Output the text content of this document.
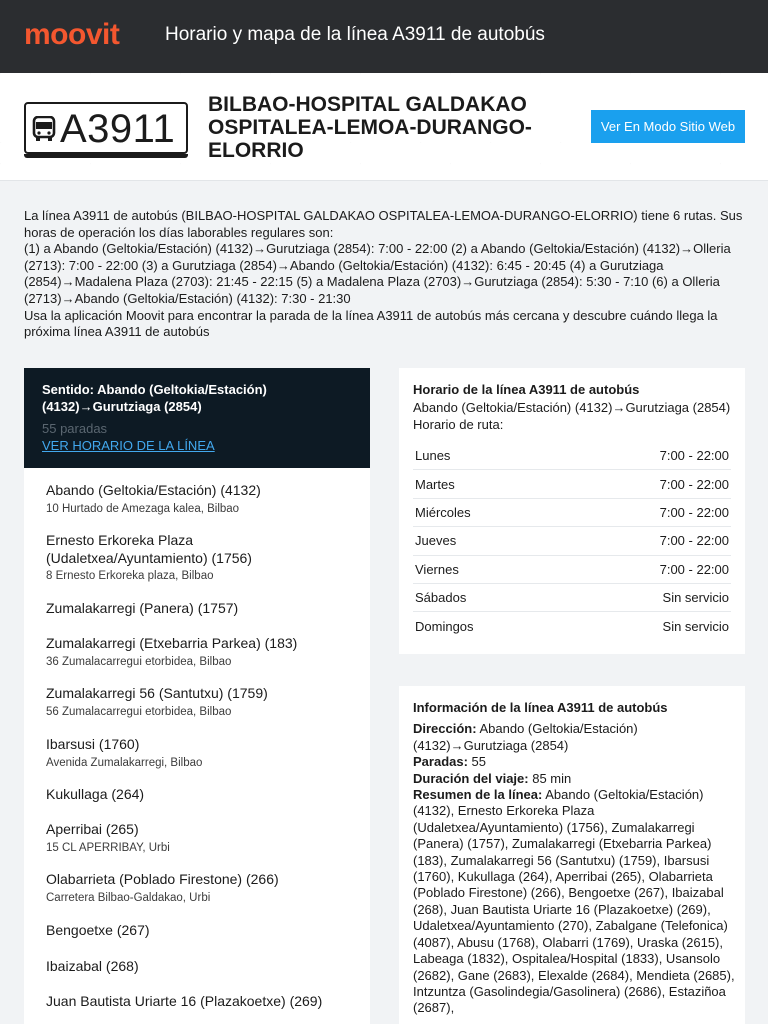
moovit Horario y mapa de la línea A3911 de autobús
A3911
BILBAO-HOSPITAL GALDAKAO OSPITALEA-LEMOA-DURANGO-ELORRIO
Ver En Modo Sitio Web
La línea A3911 de autobús (BILBAO-HOSPITAL GALDAKAO OSPITALEA-LEMOA-DURANGO-ELORRIO) tiene 6 rutas. Sus horas de operación los días laborables regulares son:
(1) a Abando (Geltokia/Estación) (4132)→Gurutziaga (2854): 7:00 - 22:00 (2) a Abando (Geltokia/Estación) (4132)→Olleria (2713): 7:00 - 22:00 (3) a Gurutziaga (2854)→Abando (Geltokia/Estación) (4132): 6:45 - 20:45 (4) a Gurutziaga (2854)→Madalena Plaza (2703): 21:45 - 22:15 (5) a Madalena Plaza (2703)→Gurutziaga (2854): 5:30 - 7:10 (6) a Olleria (2713)→Abando (Geltokia/Estación) (4132): 7:30 - 21:30
Usa la aplicación Moovit para encontrar la parada de la línea A3911 de autobús más cercana y descubre cuándo llega la próxima línea A3911 de autobús
Sentido: Abando (Geltokia/Estación) (4132)→Gurutziaga (2854)
55 paradas
VER HORARIO DE LA LÍNEA
Abando (Geltokia/Estación) (4132)
10 Hurtado de Amezaga kalea, Bilbao
Ernesto Erkoreka Plaza (Udaletxea/Ayuntamiento) (1756)
8 Ernesto Erkoreka plaza, Bilbao
Zumalakarregi (Panera) (1757)
Zumalakarregi (Etxebarria Parkea) (183)
36 Zumalacarregui etorbidea, Bilbao
Zumalakarregi 56 (Santutxu) (1759)
56 Zumalacarregui etorbidea, Bilbao
Ibarsusi (1760)
Avenida Zumalakarregi, Bilbao
Kukullaga (264)
Aperribai (265)
15 CL APERRIBAY, Urbi
Olabarrieta (Poblado Firestone) (266)
Carretera Bilbao-Galdakao, Urbi
Bengoetxe (267)
Ibaizabal (268)
Juan Bautista Uriarte 16 (Plazakoetxe) (269)
Horario de la línea A3911 de autobús
Abando (Geltokia/Estación) (4132)→Gurutziaga (2854) Horario de ruta:
Lunes	7:00 - 22:00
Martes	7:00 - 22:00
Miércoles	7:00 - 22:00
Jueves	7:00 - 22:00
Viernes	7:00 - 22:00
Sábados	Sin servicio
Domingos	Sin servicio
Información de la línea A3911 de autobús
Dirección: Abando (Geltokia/Estación) (4132)→Gurutziaga (2854)
Paradas: 55
Duración del viaje: 85 min
Resumen de la línea: Abando (Geltokia/Estación) (4132), Ernesto Erkoreka Plaza (Udaletxea/Ayuntamiento) (1756), Zumalakarregi (Panera) (1757), Zumalakarregi (Etxebarria Parkea) (183), Zumalakarregi 56 (Santutxu) (1759), Ibarsusi (1760), Kukullaga (264), Aperribai (265), Olabarrieta (Poblado Firestone) (266), Bengoetxe (267), Ibaizabal (268), Juan Bautista Uriarte 16 (Plazakoetxe) (269), Udaletxea/Ayuntamiento (270), Zabalgane (Telefonica) (4087), Abusu (1768), Olabarri (1769), Uraska (2615), Labeaga (1832), Ospitalea/Hospital (1833), Usansolo (2682), Gane (2683), Elexalde (2684), Mendieta (2685), Intzuntza (Gasolindegia/Gasolinera) (2686), Estaziñoa (2687),
